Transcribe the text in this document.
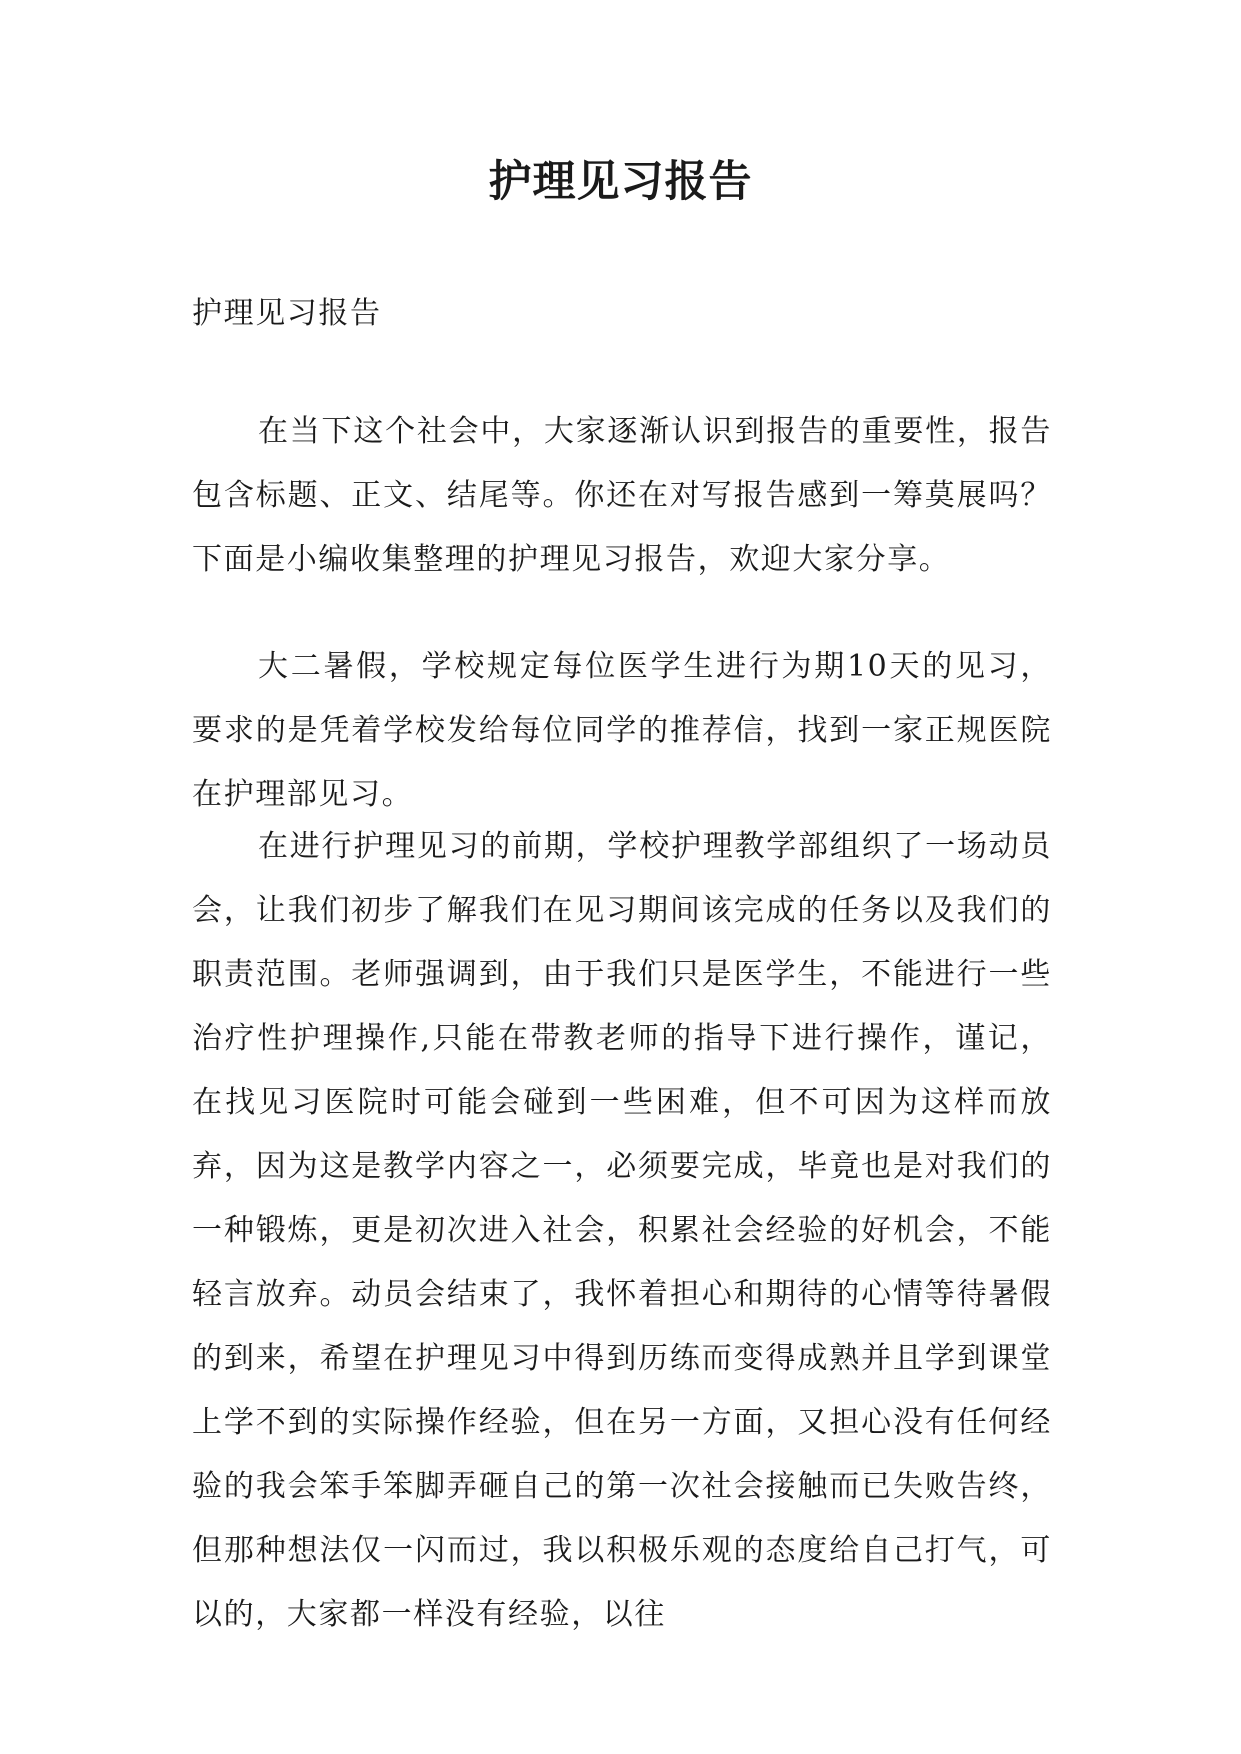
护理见习报告

护理见习报告

在当下这个社会中，大家逐渐认识到报告的重要性，报告包含标题、正文、结尾等。你还在对写报告感到一筹莫展吗？下面是小编收集整理的护理见习报告，欢迎大家分享。

大二暑假，学校规定每位医学生进行为期10天的见习，要求的是凭着学校发给每位同学的推荐信，找到一家正规医院在护理部见习。

在进行护理见习的前期，学校护理教学部组织了一场动员会，让我们初步了解我们在见习期间该完成的任务以及我们的职责范围。老师强调到，由于我们只是医学生，不能进行一些治疗性护理操作,只能在带教老师的指导下进行操作，谨记，在找见习医院时可能会碰到一些困难，但不可因为这样而放弃，因为这是教学内容之一，必须要完成，毕竟也是对我们的一种锻炼，更是初次进入社会，积累社会经验的好机会，不能轻言放弃。动员会结束了，我怀着担心和期待的心情等待暑假的到来，希望在护理见习中得到历练而变得成熟并且学到课堂上学不到的实际操作经验，但在另一方面，又担心没有任何经验的我会笨手笨脚弄砸自己的第一次社会接触而已失败告终，但那种想法仅一闪而过，我以积极乐观的态度给自己打气，可以的，大家都一样没有经验，以往
